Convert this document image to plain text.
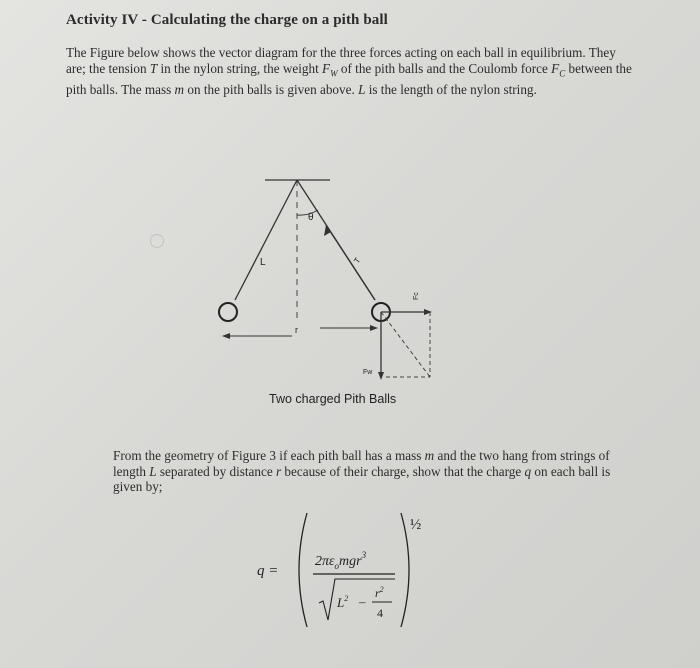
Activity IV - Calculating the charge on a pith ball
The Figure below shows the vector diagram for the three forces acting on each ball in equilibrium. They are; the tension T in the nylon string, the weight $F_W$ of the pith balls and the Coulomb force $F_C$ between the pith balls. The mass m on the pith balls is given above. L is the length of the nylon string.
θ
L	T
r
Fc
Fw
Two charged Pith Balls
From the geometry of Figure 3 if each pith ball has a mass m and the two hang from strings of length L separated by distance r because of their charge, show that the charge q on each ball is given by;
q =
½
$2\pi\varepsilon_omgr^3$
$L^2$ –
$r^2$
4
